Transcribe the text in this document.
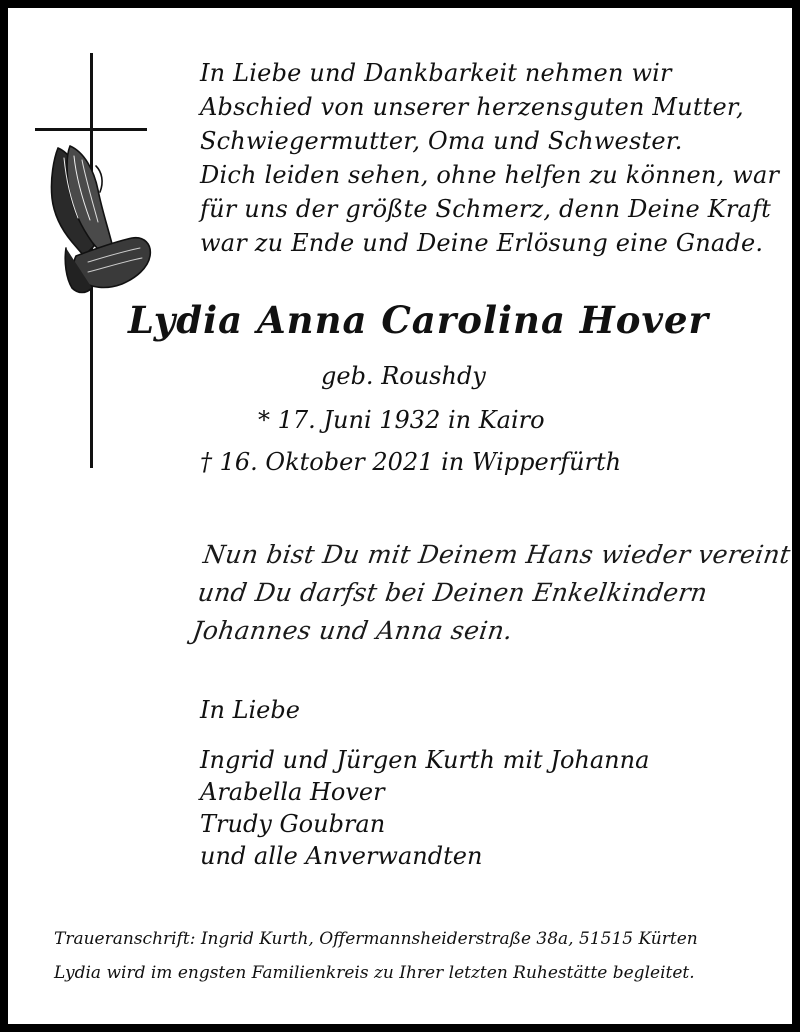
In Liebe und Dankbarkeit nehmen wir
Abschied von unserer herzensguten Mutter,
Schwiegermutter, Oma und Schwester.
Dich leiden sehen, ohne helfen zu können, war
für uns der größte Schmerz, denn Deine Kraft
war zu Ende und Deine Erlösung eine Gnade.
Lydia Anna Carolina Hover
geb. Roushdy
* 17. Juni 1932 in Kairo
† 16. Oktober 2021 in Wipperfürth
Nun bist Du mit Deinem Hans wieder vereint
und Du darfst bei Deinen Enkelkindern
Johannes und Anna sein.
In Liebe
Ingrid und Jürgen Kurth mit Johanna
Arabella Hover
Trudy Goubran
und alle Anverwandten
Traueranschrift: Ingrid Kurth, Offermannsheiderstraße 38a, 51515 Kürten
Lydia wird im engsten Familienkreis zu Ihrer letzten Ruhestätte begleitet.
